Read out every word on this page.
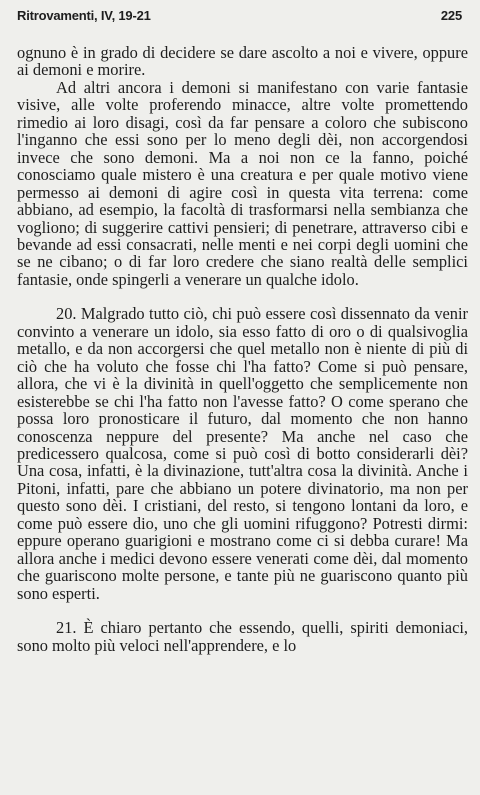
Ritrovamenti, IV, 19-21	225

ognuno è in grado di decidere se dare ascolto a noi e vivere, oppure ai demoni e morire.

Ad altri ancora i demoni si manifestano con varie fantasie visive, alle volte proferendo minacce, altre volte promettendo rimedio ai loro disagi, così da far pensare a coloro che subiscono l'inganno che essi sono per lo meno degli dèi, non accorgendosi invece che sono demoni. Ma a noi non ce la fanno, poiché conosciamo quale mistero è una creatura e per quale motivo viene permesso ai demoni di agire così in questa vita terrena: come abbiano, ad esempio, la facoltà di trasformarsi nella sembianza che vogliono; di suggerire cattivi pensieri; di penetrare, attraverso cibi e bevande ad essi consacrati, nelle menti e nei corpi degli uomini che se ne cibano; o di far loro credere che siano realtà delle semplici fantasie, onde spingerli a venerare un qualche idolo.

20. Malgrado tutto ciò, chi può essere così dissennato da venir convinto a venerare un idolo, sia esso fatto di oro o di qualsivoglia metallo, e da non accorgersi che quel metallo non è niente di più di ciò che ha voluto che fosse chi l'ha fatto? Come si può pensare, allora, che vi è la divinità in quell'oggetto che semplicemente non esisterebbe se chi l'ha fatto non l'avesse fatto? O come sperano che possa loro pronosticare il futuro, dal momento che non hanno conoscenza neppure del presente? Ma anche nel caso che predicessero qualcosa, come si può così di botto considerarli dèi? Una cosa, infatti, è la divinazione, tutt'altra cosa la divinità. Anche i Pitoni, infatti, pare che abbiano un potere divinatorio, ma non per questo sono dèi. I cristiani, del resto, si tengono lontani da loro, e come può essere dio, uno che gli uomini rifuggono? Potresti dirmi: eppure operano guarigioni e mostrano come ci si debba curare! Ma allora anche i medici devono essere venerati come dèi, dal momento che guariscono molte persone, e tante più ne guariscono quanto più sono esperti.

21. È chiaro pertanto che essendo, quelli, spiriti demoniaci, sono molto più veloci nell'apprendere, e lo
